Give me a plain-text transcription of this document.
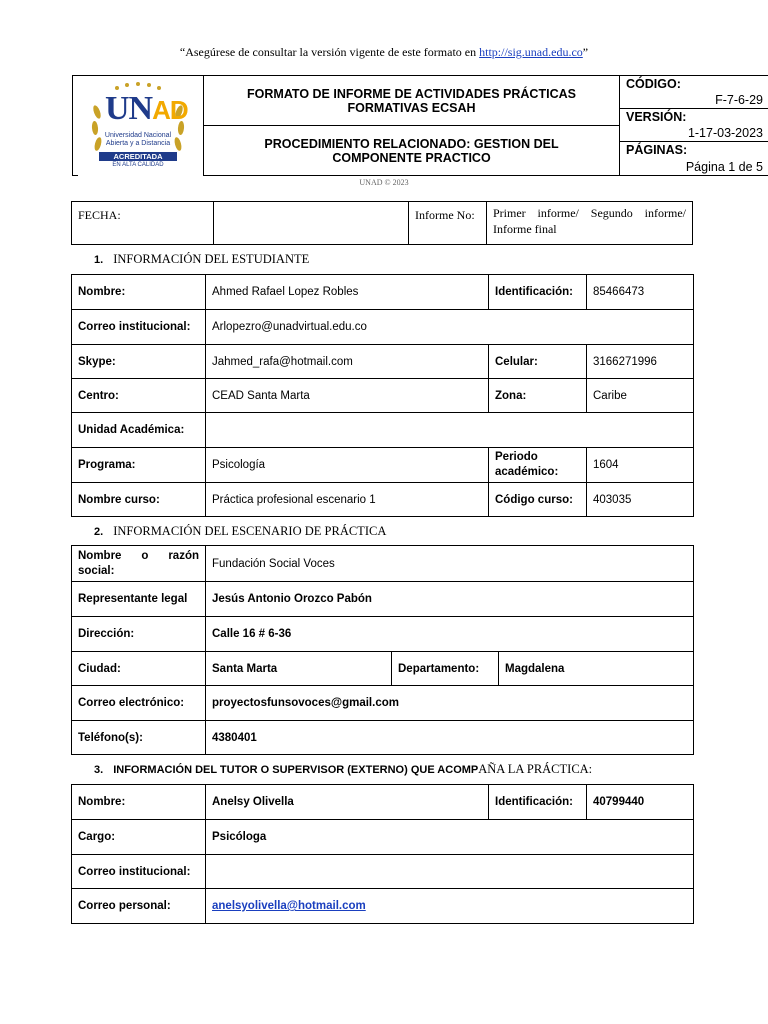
“Asegúrese de consultar la versión vigente de este formato en http://sig.unad.edu.co”
UNAD
Universidad Nacional
Abierta y a Distancia
ACREDITADA
EN ALTA CALIDAD
FORMATO DE INFORME DE ACTIVIDADES PRÁCTICAS FORMATIVAS ECSAH
PROCEDIMIENTO RELACIONADO: GESTION DEL COMPONENTE PRACTICO
CÓDIGO:
F-7-6-29
VERSIÓN:
1-17-03-2023
PÁGINAS:
Página 1 de 5
UNAD © 2023
FECHA:		Informe No:	Primer informe/ Segundo informe/ Informe final
1. INFORMACIÓN DEL ESTUDIANTE
Nombre:	Ahmed Rafael Lopez Robles	Identificación:	85466473
Correo institucional:	Arlopezro@unadvirtual.edu.co		
Skype:	Jahmed_rafa@hotmail.com	Celular:	3166271996
Centro:	CEAD Santa Marta	Zona:	Caribe
Unidad Académica:			
Programa:	Psicología	Periodo académico:	1604
Nombre curso:	Práctica profesional escenario 1	Código curso:	403035
2. INFORMACIÓN DEL ESCENARIO DE PRÁCTICA
Nombre o razón social:	Fundación Social Voces		
Representante legal	Jesús Antonio Orozco Pabón		
Dirección:	Calle 16 # 6-36		
Ciudad:	Santa Marta	Departamento:	Magdalena
Correo electrónico:	proyectosfunsovoces@gmail.com		
Teléfono(s):	4380401		
3. INFORMACIÓN DEL TUTOR O SUPERVISOR (EXTERNO) QUE ACOMPAÑA LA PRÁCTICA:
Nombre:	Anelsy Olivella	Identificación:	40799440
Cargo:	Psicóloga		
Correo institucional:			
Correo personal:	anelsyolivella@hotmail.com		
